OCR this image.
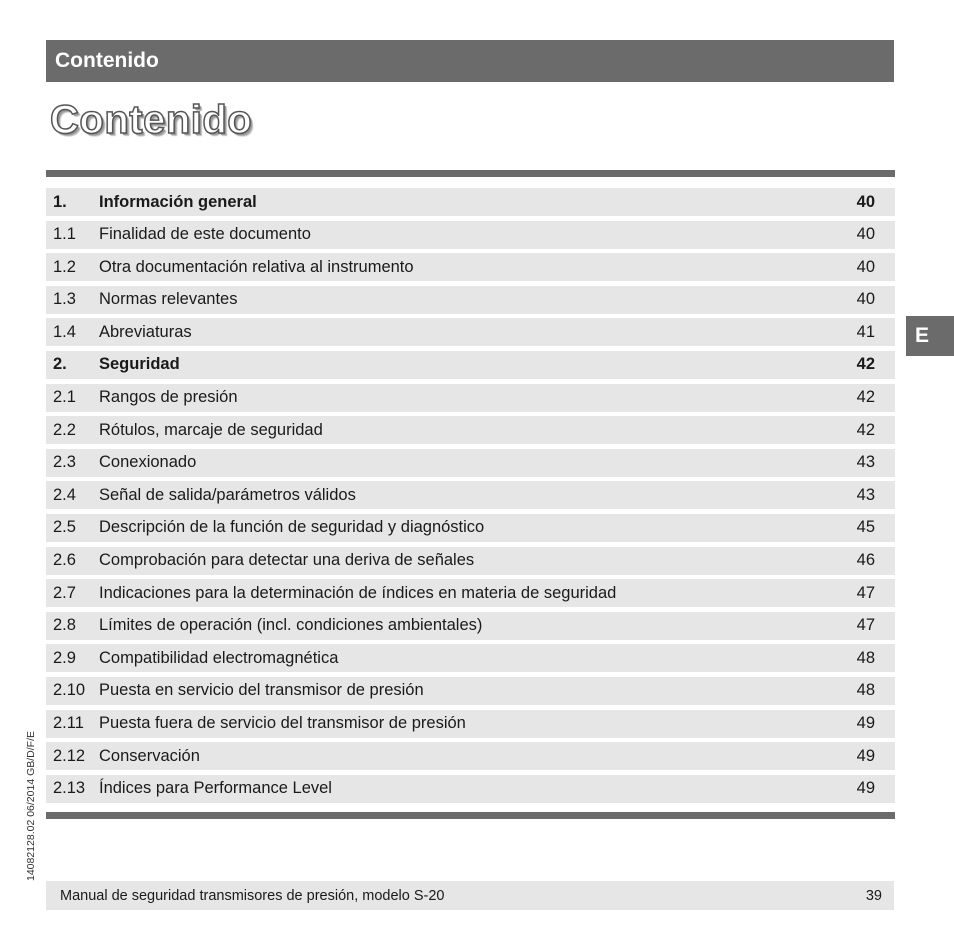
Contenido
Contenido
1.	Información general	40
1.1	Finalidad de este documento	40
1.2	Otra documentación relativa al instrumento	40
1.3	Normas relevantes	40
1.4	Abreviaturas	41
2.	Seguridad	42
2.1	Rangos de presión	42
2.2	Rótulos, marcaje de seguridad	42
2.3	Conexionado	43
2.4	Señal de salida/parámetros válidos	43
2.5	Descripción de la función de seguridad y diagnóstico	45
2.6	Comprobación para detectar una deriva de señales	46
2.7	Indicaciones para la determinación de índices en materia de seguridad	47
2.8	Límites de operación (incl. condiciones ambientales)	47
2.9	Compatibilidad electromagnética	48
2.10 Puesta en servicio del transmisor de presión	48
2.11 Puesta fuera de servicio del transmisor de presión	49
2.12 Conservación	49
2.13 Índices para Performance Level	49
E
14082128.02 06/2014 GB/D/F/E
Manual de seguridad transmisores de presión, modelo S-20	39
